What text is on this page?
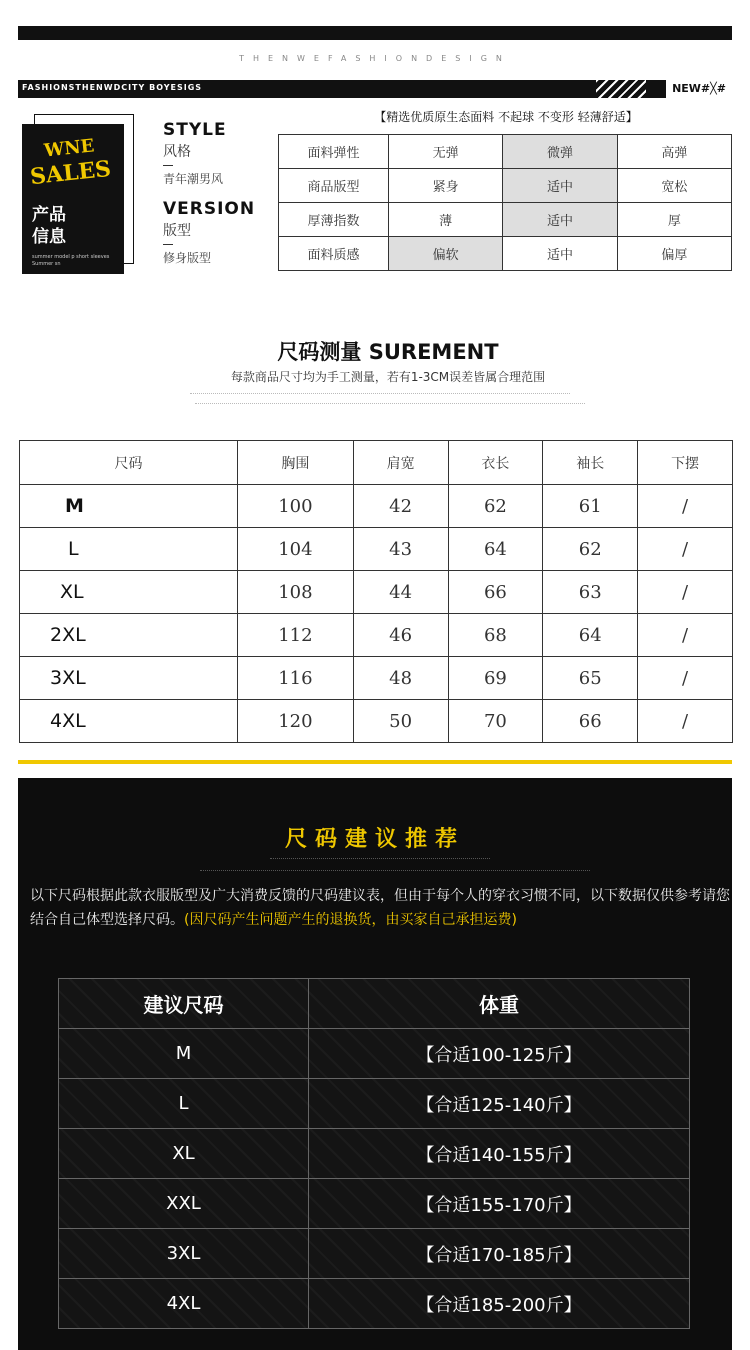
THENWEFASHIONDESIGN
FASHIONSTHENWDCITY BOYESIGS	NEW#╳#
WNE
SALES
产品
信息
summer model p short sleeves Summer sn
STYLE
风格
青年潮男风
VERSION
版型
修身版型
【精选优质原生态面料 不起球 不变形 轻薄舒适】
面料弹性	无弹	微弹	高弹
商品版型	紧身	适中	宽松
厚薄指数	薄	适中	厚
面料质感	偏软	适中	偏厚
尺码测量 SUREMENT
每款商品尺寸均为手工测量，若有1-3CM误差皆属合理范围
尺码	胸围	肩宽	衣长	袖长	下摆
M	100	42	62	61	/
L	104	43	64	62	/
XL	108	44	66	63	/
2XL	112	46	68	64	/
3XL	116	48	69	65	/
4XL	120	50	70	66	/
尺码建议推荐
以下尺码根据此款衣服版型及广大消费反馈的尺码建议表，但由于每个人的穿衣习惯不同，以下数据仅供参考请您结合自己体型选择尺码。(因尺码产生问题产生的退换货，由买家自己承担运费)
建议尺码	体重
M	【合适100-125斤】
L	【合适125-140斤】
XL	【合适140-155斤】
XXL	【合适155-170斤】
3XL	【合适170-185斤】
4XL	【合适185-200斤】
